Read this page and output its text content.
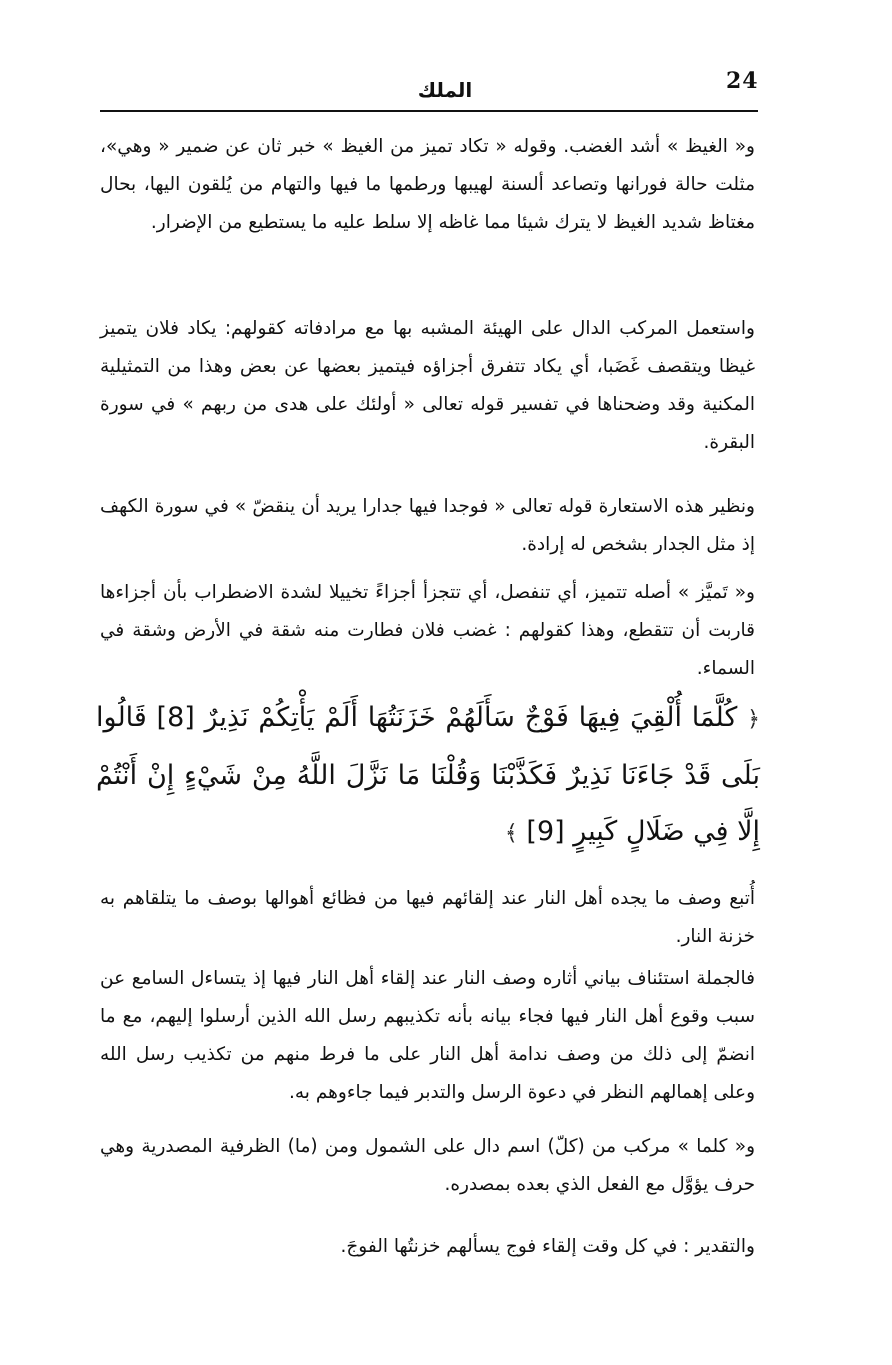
24
الملك

و« الغيظ » أشد الغضب. وقوله « تكاد تميز من الغيظ » خبر ثان عن ضمير « وهي»، مثلت حالة فورانها وتصاعد ألسنة لهيبها ورطمها ما فيها والتهام من يُلقون اليها، بحال مغتاظ شديد الغيظ لا يترك شيئا مما غاظه إلا سلط عليه ما يستطيع من الإضرار.

واستعمل المركب الدال على الهيئة المشبه بها مع مرادفاته كقولهم: يكاد فلان يتميز غيظا ويتقصف غَضَبا، أي يكاد تتفرق أجزاؤه فيتميز بعضها عن بعض وهذا من التمثيلية المكنية وقد وضحناها في تفسير قوله تعالى « أولئك على هدى من ربهم » في سورة البقرة.

ونظير هذه الاستعارة قوله تعالى « فوجدا فيها جدارا يريد أن ينقضّ » في سورة الكهف إذ مثل الجدار بشخص له إرادة.

و« تَميَّز » أصله تتميز، أي تنفصل، أي تتجزأ أجزاءً تخييلا لشدة الاضطراب بأن أجزاءها قاربت أن تتقطع، وهذا كقولهم : غضب فلان فطارت منه شقة في الأرض وشقة في السماء.

﴿ كُلَّمَا أُلْقِيَ فِيهَا فَوْجٌ سَأَلَهُمْ خَزَنَتُهَا أَلَمْ يَأْتِكُمْ نَذِيرٌ [8] قَالُوا بَلَى قَدْ جَاءَنَا نَذِيرٌ فَكَذَّبْنَا وَقُلْنَا مَا نَزَّلَ اللَّهُ مِنْ شَيْءٍ إِنْ أَنْتُمْ إِلَّا فِي ضَلَالٍ كَبِيرٍ [9] ﴾

أُتبع وصف ما يجده أهل النار عند إلقائهم فيها من فظائع أهوالها بوصف ما يتلقاهم به خزنة النار.

فالجملة استئناف بياني أثاره وصف النار عند إلقاء أهل النار فيها إذ يتساءل السامع عن سبب وقوع أهل النار فيها فجاء بيانه بأنه تكذيبهم رسل الله الذين أرسلوا إليهم، مع ما انضمّ إلى ذلك من وصف ندامة أهل النار على ما فرط منهم من تكذيب رسل الله وعلى إهمالهم النظر في دعوة الرسل والتدبر فيما جاءوهم به.

و« كلما » مركب من (كلّ) اسم دال على الشمول ومن (ما) الظرفية المصدرية وهي حرف يؤوَّل مع الفعل الذي بعده بمصدره.

والتقدير : في كل وقت إلقاء فوج يسألهم خزنتُها الفوجَ.
